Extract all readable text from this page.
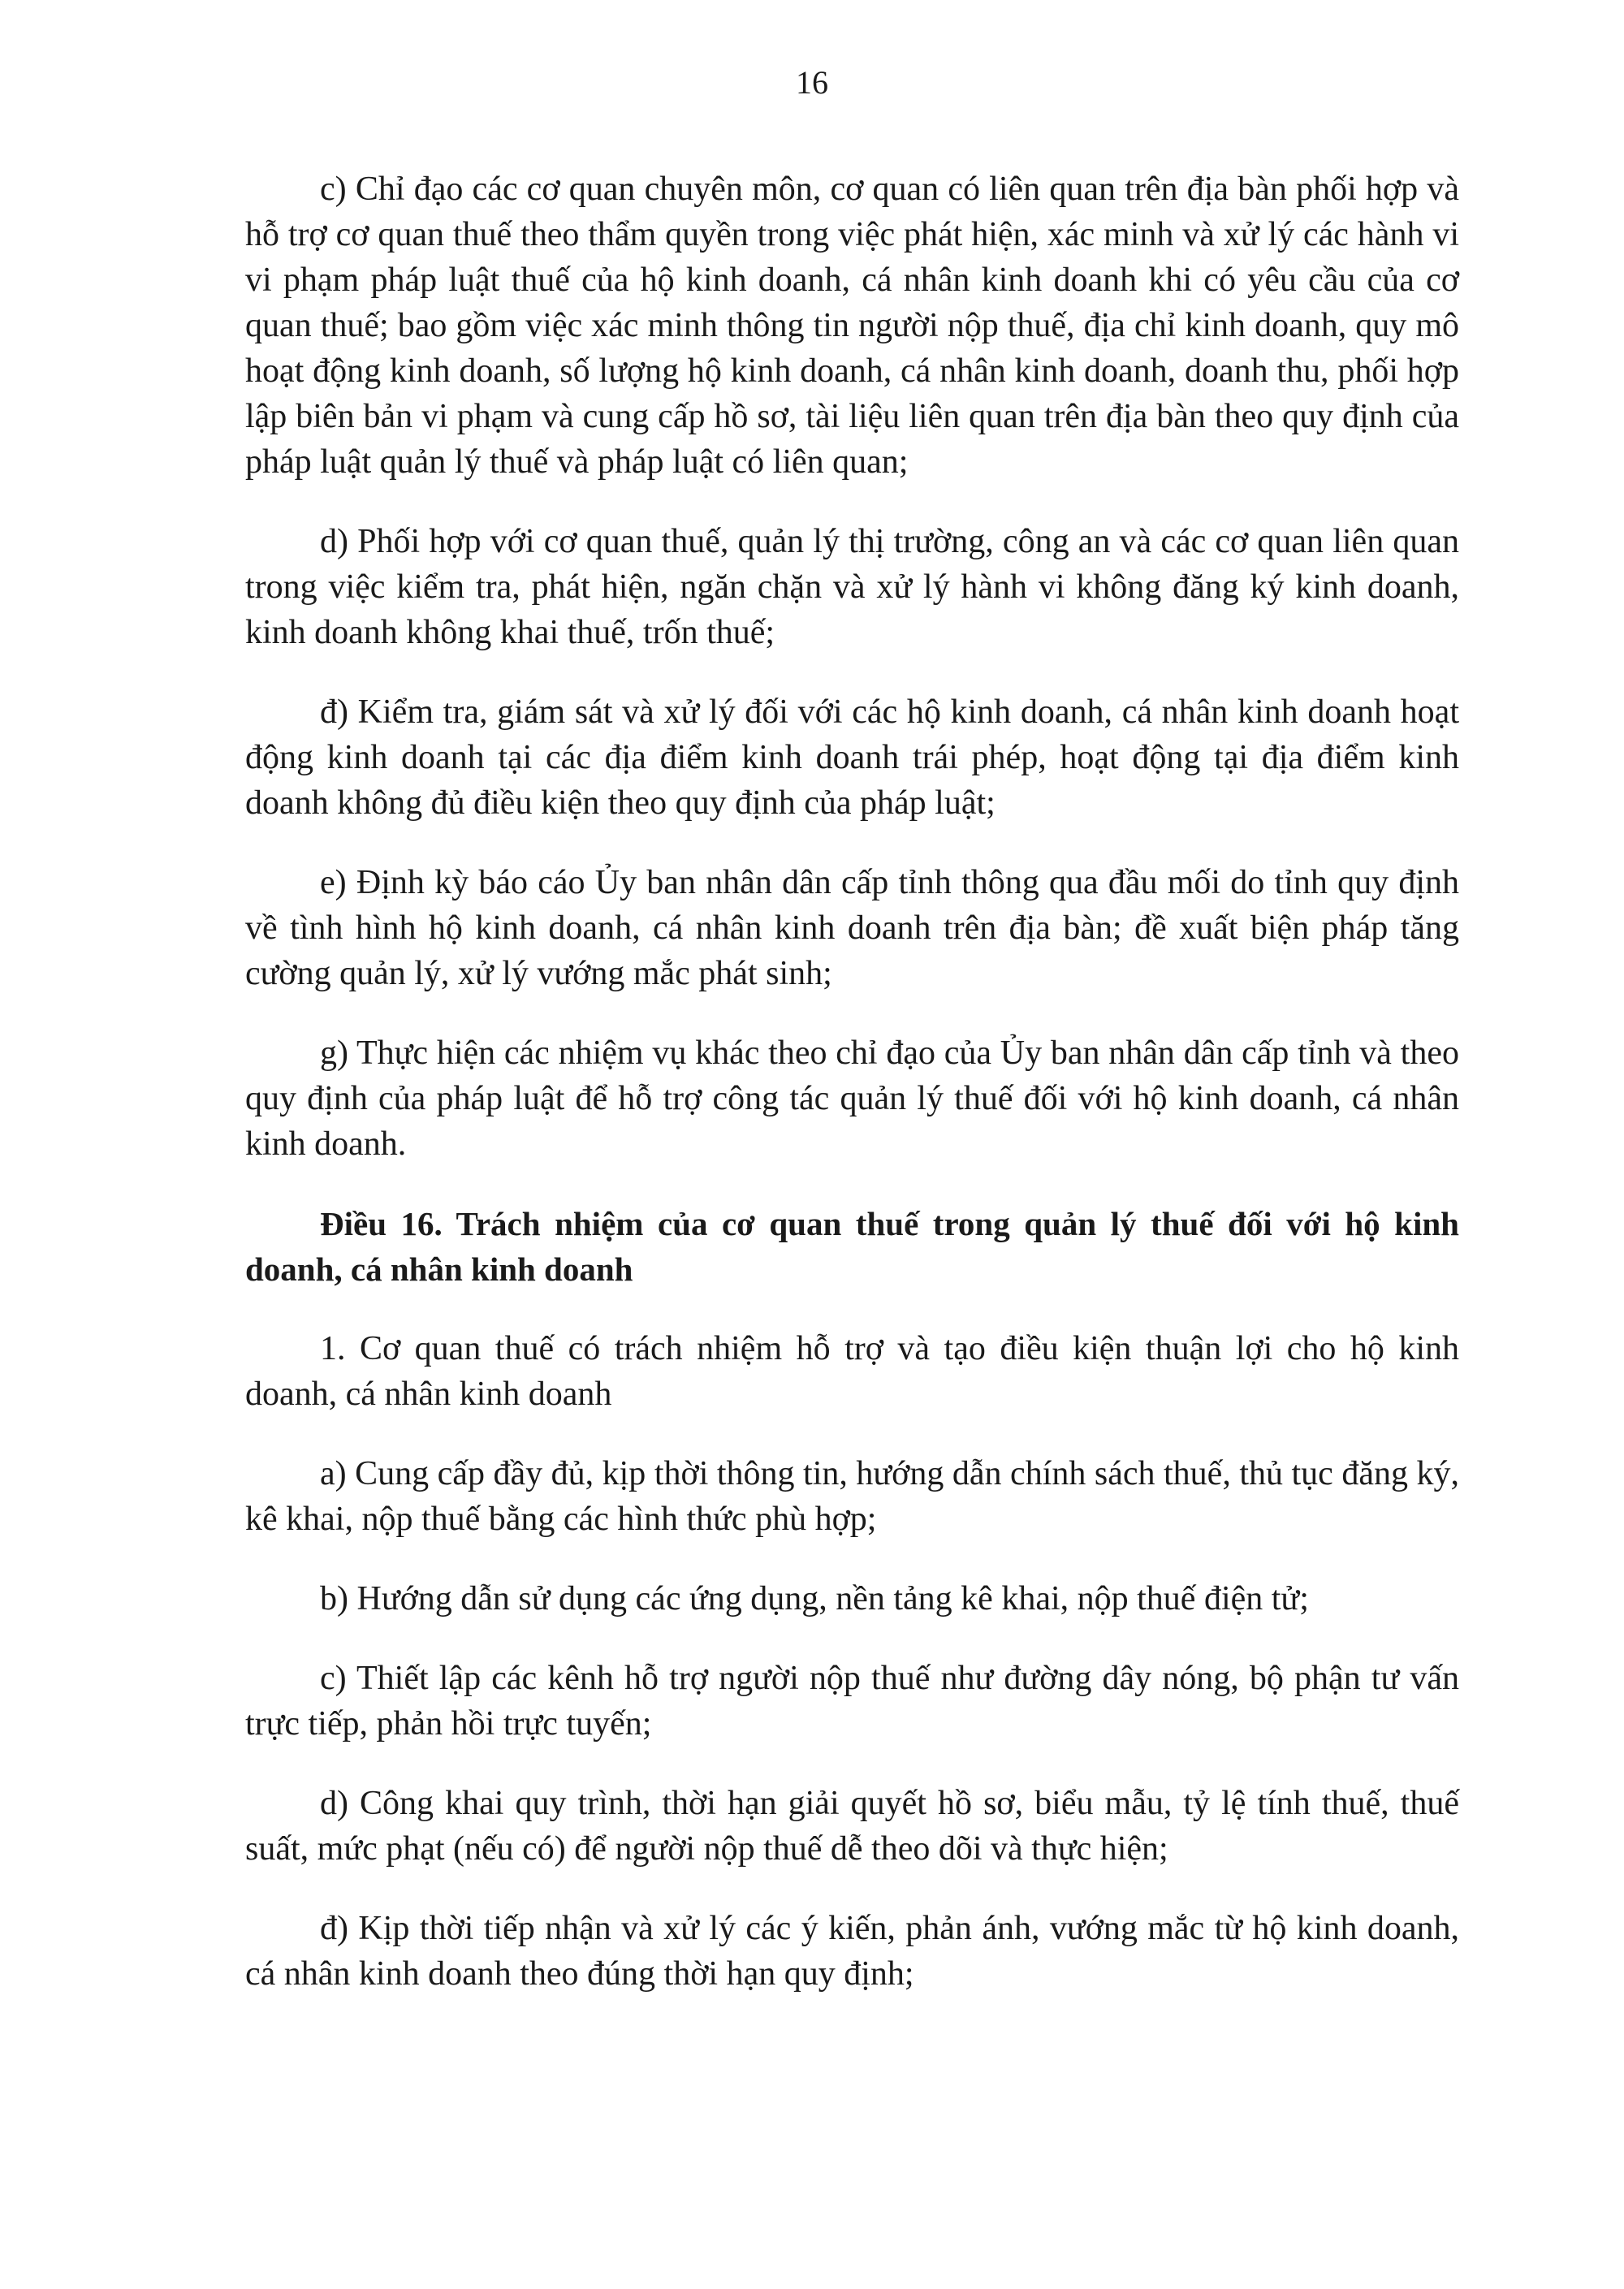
16

c) Chỉ đạo các cơ quan chuyên môn, cơ quan có liên quan trên địa bàn phối hợp và hỗ trợ cơ quan thuế theo thẩm quyền trong việc phát hiện, xác minh và xử lý các hành vi vi phạm pháp luật thuế của hộ kinh doanh, cá nhân kinh doanh khi có yêu cầu của cơ quan thuế; bao gồm việc xác minh thông tin người nộp thuế, địa chỉ kinh doanh, quy mô hoạt động kinh doanh, số lượng hộ kinh doanh, cá nhân kinh doanh, doanh thu, phối hợp lập biên bản vi phạm và cung cấp hồ sơ, tài liệu liên quan trên địa bàn theo quy định của pháp luật quản lý thuế và pháp luật có liên quan;

d) Phối hợp với cơ quan thuế, quản lý thị trường, công an và các cơ quan liên quan trong việc kiểm tra, phát hiện, ngăn chặn và xử lý hành vi không đăng ký kinh doanh, kinh doanh không khai thuế, trốn thuế;

đ) Kiểm tra, giám sát và xử lý đối với các hộ kinh doanh, cá nhân kinh doanh hoạt động kinh doanh tại các địa điểm kinh doanh trái phép, hoạt động tại địa điểm kinh doanh không đủ điều kiện theo quy định của pháp luật;

e) Định kỳ báo cáo Ủy ban nhân dân cấp tỉnh thông qua đầu mối do tỉnh quy định về tình hình hộ kinh doanh, cá nhân kinh doanh trên địa bàn; đề xuất biện pháp tăng cường quản lý, xử lý vướng mắc phát sinh;

g) Thực hiện các nhiệm vụ khác theo chỉ đạo của Ủy ban nhân dân cấp tỉnh và theo quy định của pháp luật để hỗ trợ công tác quản lý thuế đối với hộ kinh doanh, cá nhân kinh doanh.

Điều 16. Trách nhiệm của cơ quan thuế trong quản lý thuế đối với hộ kinh doanh, cá nhân kinh doanh

1. Cơ quan thuế có trách nhiệm hỗ trợ và tạo điều kiện thuận lợi cho hộ kinh doanh, cá nhân kinh doanh

a) Cung cấp đầy đủ, kịp thời thông tin, hướng dẫn chính sách thuế, thủ tục đăng ký, kê khai, nộp thuế bằng các hình thức phù hợp;

b) Hướng dẫn sử dụng các ứng dụng, nền tảng kê khai, nộp thuế điện tử;

c) Thiết lập các kênh hỗ trợ người nộp thuế như đường dây nóng, bộ phận tư vấn trực tiếp, phản hồi trực tuyến;

d) Công khai quy trình, thời hạn giải quyết hồ sơ, biểu mẫu, tỷ lệ tính thuế, thuế suất, mức phạt (nếu có) để người nộp thuế dễ theo dõi và thực hiện;

đ) Kịp thời tiếp nhận và xử lý các ý kiến, phản ánh, vướng mắc từ hộ kinh doanh, cá nhân kinh doanh theo đúng thời hạn quy định;
